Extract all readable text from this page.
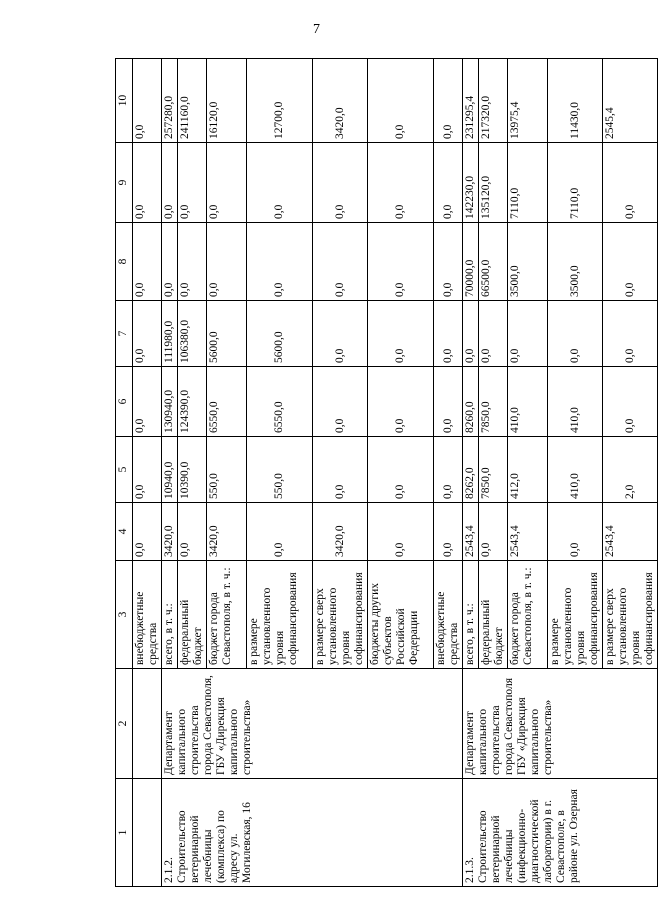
7
1	2	3	4	5	6	7	8	9	10
		внебюджетные средства	0,0	0,0	0,0	0,0	0,0	0,0	0,0
2.1.2. Строительство ветеринарной лечебницы (комплекса) по адресу ул. Могилевская, 16	Департамент капитального строительства города Севастополя, ГБУ «Дирекция капитального строительства»	всего, в т. ч.:	3420,0	10940,0	130940,0	111980,0	0,0	0,0	257280,0
		федеральный бюджет	0,0	10390,0	124390,0	106380,0	0,0	0,0	241160,0
		бюджет города Севастополя, в т. ч.:	3420,0	550,0	6550,0	5600,0	0,0	0,0	16120,0
		в размере установленного уровня софинансирования	0,0	550,0	6550,0	5600,0	0,0	0,0	12700,0
		в размере сверх установленного уровня софинансирования	3420,0	0,0	0,0	0,0	0,0	0,0	3420,0
		бюджеты других субъектов Российской Федерации	0,0	0,0	0,0	0,0	0,0	0,0	0,0
		внебюджетные средства	0,0	0,0	0,0	0,0	0,0	0,0	0,0
2.1.3. Строительство ветеринарной лечебницы (инфекционно-диагностической лаборатории) в г. Севастополе, в районе ул. Озерная	Департамент капитального строительства города Севастополя ГБУ «Дирекция капитального строительства»	всего, в т. ч.:	2543,4	8262,0	8260,0	0,0	70000,0	142230,0	231295,4
		федеральный бюджет	0,0	7850,0	7850,0	0,0	66500,0	135120,0	217320,0
		бюджет города Севастополя, в т. ч.:	2543,4	412,0	410,0	0,0	3500,0	7110,0	13975,4
		в размере установленного уровня софинансирования	0,0	410,0	410,0	0,0	3500,0	7110,0	11430,0
		в размере сверх установленного уровня софинансирования	2543,4	2,0	0,0	0,0	0,0	0,0	2545,4
